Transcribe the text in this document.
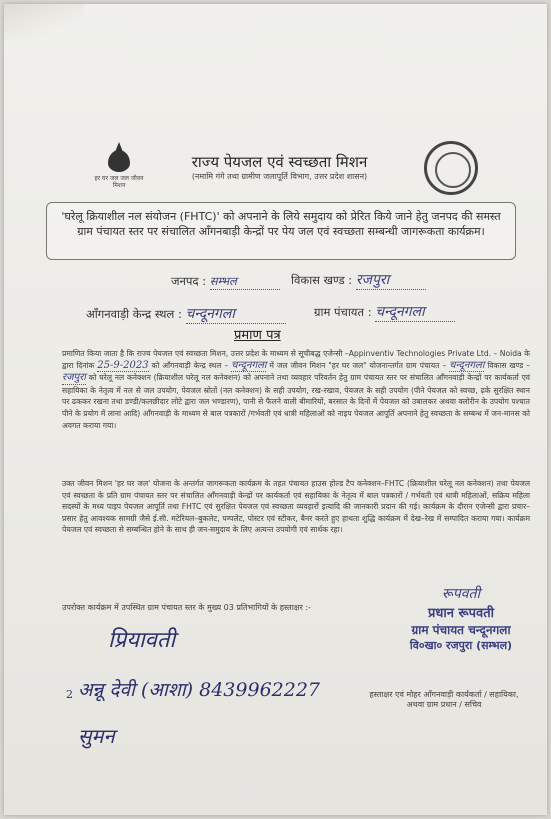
हर घर जल जल जीवन मिशन
राज्य पेयजल एवं स्वच्छता मिशन
(नमामि गंगे तथा ग्रामीण जलापूर्ति विभाग, उत्तर प्रदेश शासन)
'घरेलू क्रियाशील नल संयोजन (FHTC)' को अपनाने के लिये समुदाय को प्रेरित किये जाने हेतु जनपद की समस्त ग्राम पंचायत स्तर पर संचालित आँगनबाड़ी केन्द्रों पर पेय जल एवं स्वच्छता सम्बन्धी जागरूकता कार्यक्रम।
जनपद : सम्भल	विकास खण्ड : रजपुरा
आँगनवाड़ी केन्द्र स्थल : चन्दूनगला	ग्राम पंचायत : चन्दूनगला
प्रमाण पत्र
प्रमाणित किया जाता है कि राज्य पेयजल एवं स्वच्छता मिशन, उत्तर प्रदेश के माध्यम से सूचीबद्ध एजेन्सी –Appinventiv Technologies Private Ltd. – Noida के द्वारा दिनांक 25-9-2023 को आँगनवाड़ी केन्द्र स्थल – चन्दूनगला में जल जीवन मिशन "हर घर जल" योजनान्तर्गत ग्राम पंचायत – चन्दूनगला विकास खण्ड – रजपुरा को घरेलू नल कनेक्शन (क्रियाशील घरेलू नल कनेक्शन) को अपनाने तथा व्यवहार परिवर्तन हेतु ग्राम पंचायत स्तर पर संचालित आँगनवाड़ी केन्द्रों पर कार्यकर्ता एवं सहायिका के नेतृत्व में नल से जल उपयोग, पेयजल स्रोतों (नल कनेक्शन) के सही उपयोग, रख-रखाव, पेयजल के सही उपयोग (पीने पेयजल को स्वच्छ, ढ़के सुरक्षित स्थान पर ढककर रखना तथा डण्डी/कलछीदार लोटे द्वारा जल भण्डारण), पानी से फैलने वाली बीमारियों, बरसात के दिनों में पेयजल को उबालकर अथवा क्लोरीन के उपयोग पश्चात पीने के प्रयोग में लाना आदि) आँगनवाड़ी के माध्यम से बाल पत्रकारों /गर्भवती एवं धात्री महिलाओं को नाइप पेयजल आपूर्ति अपनाने हेतु स्वच्छता के सम्बन्ध में जन-मानस को अवगत कराया गया।
उक्त जीवन मिशन 'हर घर जल' योजना के अन्तर्गत जागरूकता कार्यक्रम के तहत पंचायत हाउस होल्ड टैप कनेक्शन–FHTC (क्रियाशील घरेलू नल कनेक्शन) तथा पेयजल एवं स्वच्छता के प्रति ग्राम पंचायत स्तर पर संचालित आँगनवाड़ी केन्द्रों पर कार्यकर्ता एवं सहायिका के नेतृत्व में बाल पत्रकारों / गर्भवती एवं धात्री महिलाओं, सक्रिय महिला सदस्यों के मध्य पाइप पेयजल आपूर्ति तथा FHTC एवं सुरक्षित पेयजल एवं स्वच्छता व्यवहारों इत्यादि की जानकारी प्रदान की गई। कार्यक्रम के दौरान एजेन्सी द्वारा प्रचार–प्रसार हेतु आवश्यक सामग्री जैसे ई.सी. मटेरियल–बुकलेट, पम्पलेट, पोस्टर एवं स्टीकर, बैनर करते हुए हाथता शुद्धि कार्यक्रम में देख–रेख में सम्पादित कराया गया। कार्यक्रम पेयजल एवं स्वच्छता से सम्बन्धित होने के साथ ही जन-समुदाय के लिए अत्यन्त उपयोगी एवं सार्थक रहा।
उपरोक्त कार्यक्रम में उपस्थित ग्राम पंचायत स्तर के मुख्य 03 प्रतिभागियों के हस्ताक्षर :-
प्रियावती
2 अन्नू देवी (आशा) 8439962227
सुमन
रूपवती
प्रधान रूपवती
ग्राम पंचायत चन्दूनगला
वि०खा० रजपुरा (सम्भल)
हस्ताक्षर एवं मोहर आँगनवाड़ी कार्यकर्ता / सहायिका, अथवा ग्राम प्रधान / सचिव
